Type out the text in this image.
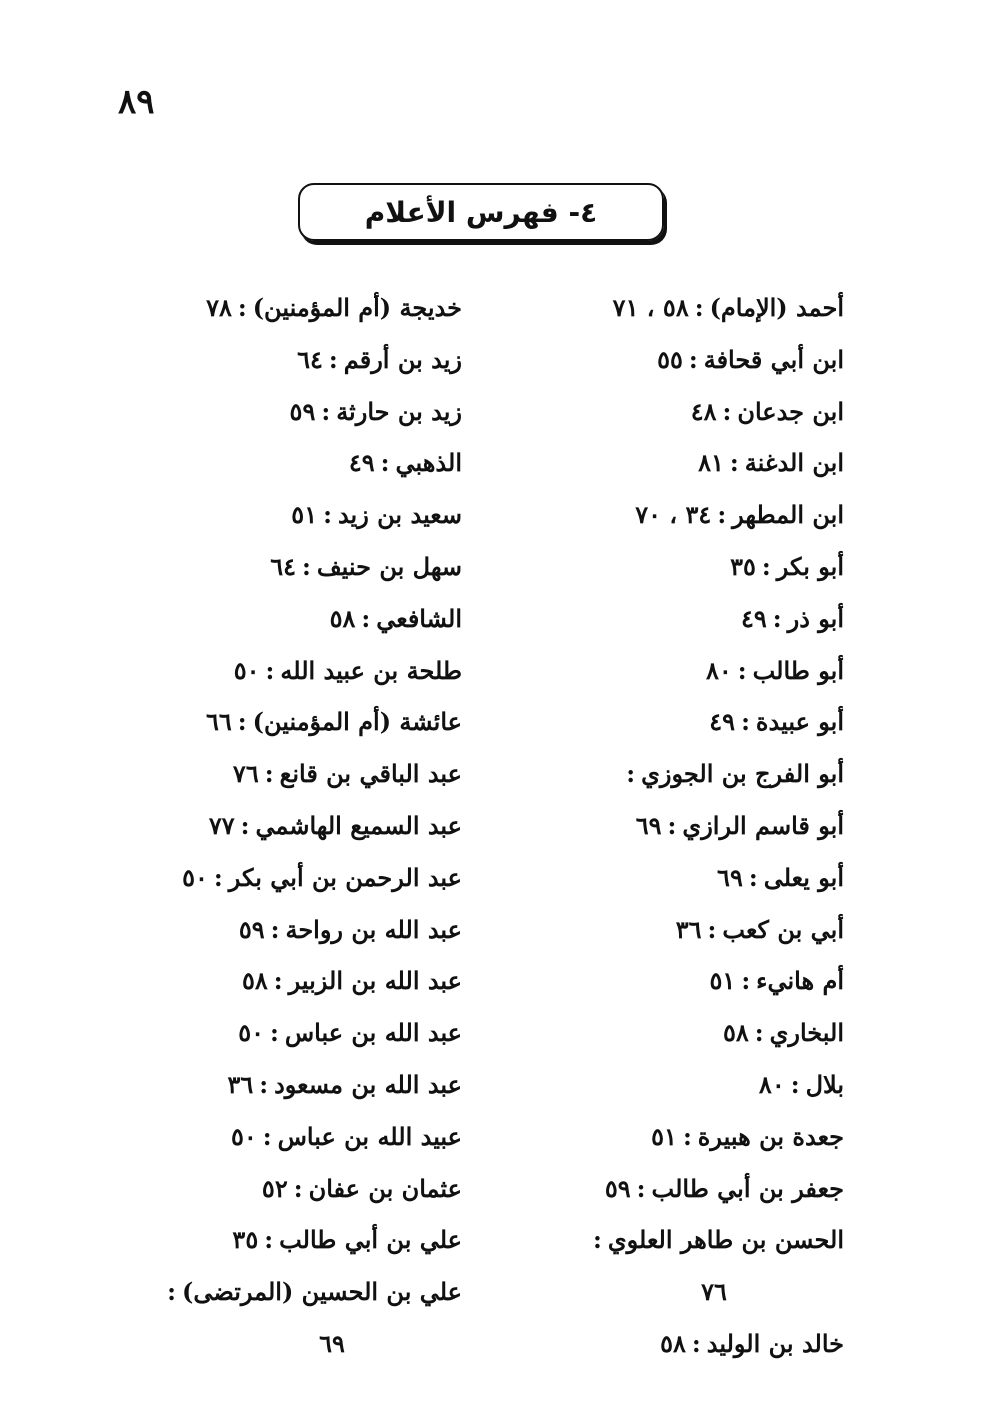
٨٩
٤- فهرس الأعلام
أحمد (الإمام):٥٨ ، ٧١
ابن أبي قحافة:٥٥
ابن جدعان:٤٨
ابن الدغنة:٨١
ابن المطهر:٣٤ ، ٧٠
أبو بكر:٣٥
أبو ذر:٤٩
أبو طالب:٨٠
أبو عبيدة:٤٩
أبو الفرج بن الجوزي:
أبو قاسم الرازي:٦٩
أبو يعلى:٦٩
أبي بن كعب:٣٦
أم هانيء:٥١
البخاري:٥٨
بلال:٨٠
جعدة بن هبيرة:٥١
جعفر بن أبي طالب:٥٩
الحسن بن طاهر العلوي:
٧٦
خالد بن الوليد:٥٨
خديجة (أم المؤمنين):٧٨
زيد بن أرقم:٦٤
زيد بن حارثة:٥٩
الذهبي:٤٩
سعيد بن زيد:٥١
سهل بن حنيف:٦٤
الشافعي:٥٨
طلحة بن عبيد الله:٥٠
عائشة (أم المؤمنين):٦٦
عبد الباقي بن قانع:٧٦
عبد السميع الهاشمي:٧٧
عبد الرحمن بن أبي بكر:٥٠
عبد الله بن رواحة:٥٩
عبد الله بن الزبير:٥٨
عبد الله بن عباس:٥٠
عبد الله بن مسعود:٣٦
عبيد الله بن عباس:٥٠
عثمان بن عفان:٥٢
علي بن أبي طالب:٣٥
علي بن الحسين (المرتضى):
٦٩
